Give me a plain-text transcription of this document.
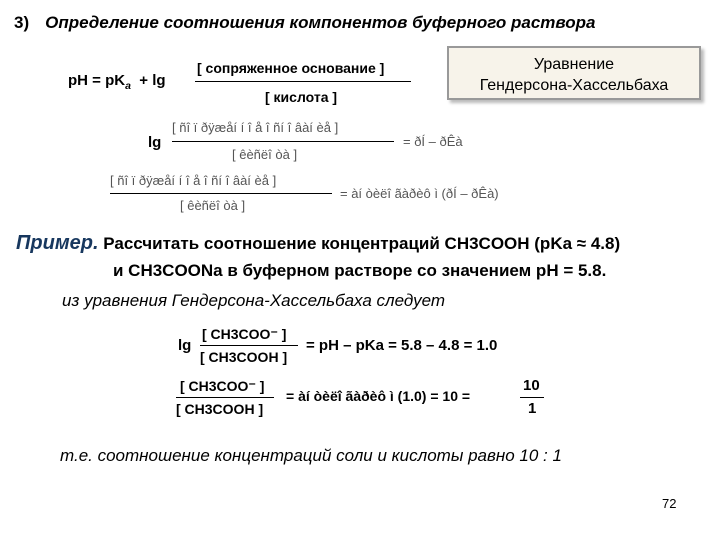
3) Определение соотношения компонентов буферного раствора
Уравнение
Гендерсона-Хассельбаха
pH = $pK_a + \lg$
[ сопряженное основание ]
[ кислота ]
lg
[ ñî ï ðÿæåí í î å î ñí î âàí èå ]
[ êèñëî òà ]
= ðÍ – ðÊà
[ ñî ï ðÿæåí í î å î ñí î âàí èå ]
[ êèñëî òà ]
= àí òèëî ãàðèô ì (ðÍ – ðÊà)
Пример. Рассчитать соотношение концентраций CH3COOH (pKa ≈ 4.8)
и CH3COONa в буферном растворе со значением pH = 5.8.
из уравнения Гендерсона-Хассельбаха следует
lg
[ CH3COO⁻ ]
[ CH3COOH ]
= pH – pKa = 5.8 – 4.8 = 1.0
[ CH3COO⁻ ]
[ CH3COOH ]
= àí òèëî ãàðèô ì (1.0) = 10 =
10
1
т.е. соотношение концентраций соли и кислоты равно 10 : 1
72
